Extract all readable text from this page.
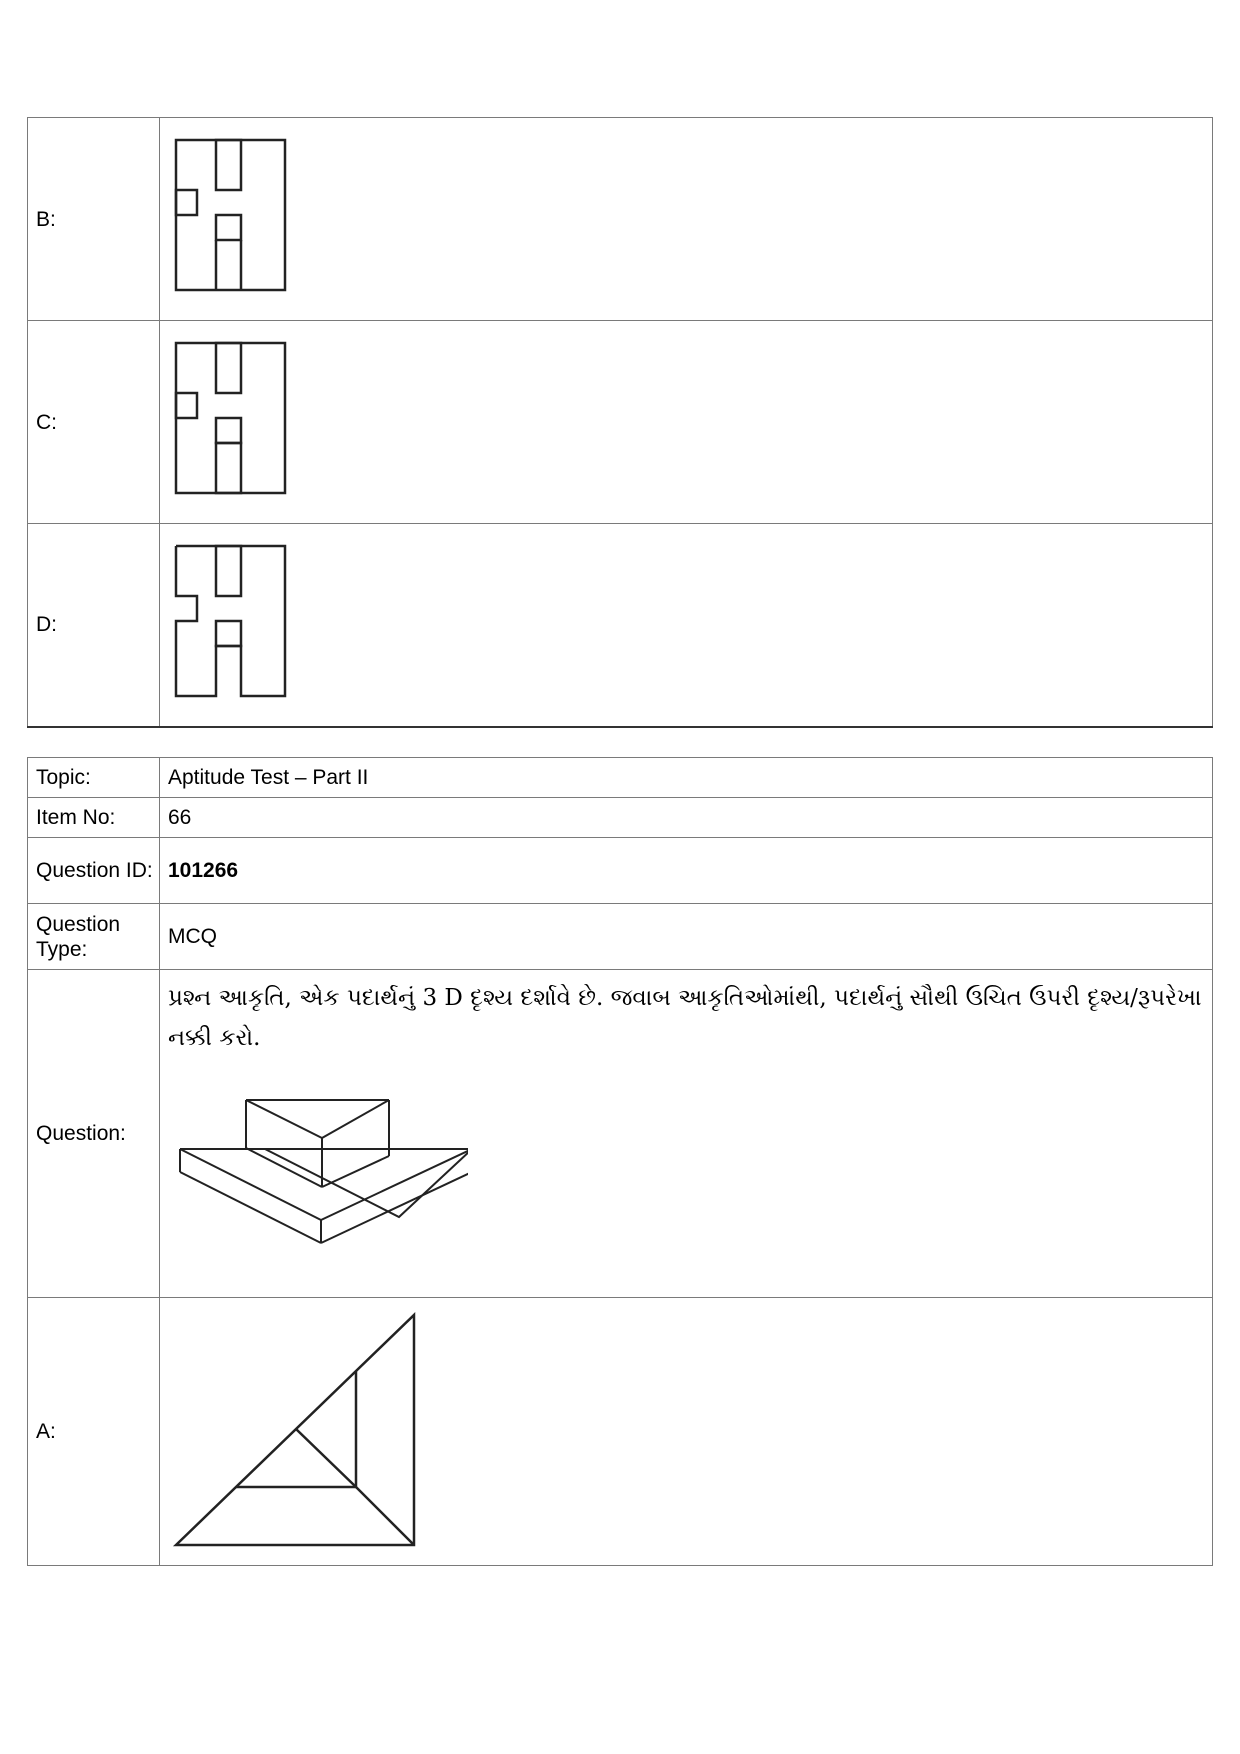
B:	

C:	

D:	
Topic:	Aptitude Test – Part II
Item No:	66
Question ID:	101266
Question Type:	MCQ
Question:	પ્રશ્ન આકૃતિ, એક પદાર્થનું 3 D દૃશ્ય દર્શાવે છે. જવાબ આકૃતિઓમાંથી, પદાર્થનું સૌથી ઉચિત ઉપરી દૃશ્ય/રૂપરેખા નક્કી કરો.

A:	
